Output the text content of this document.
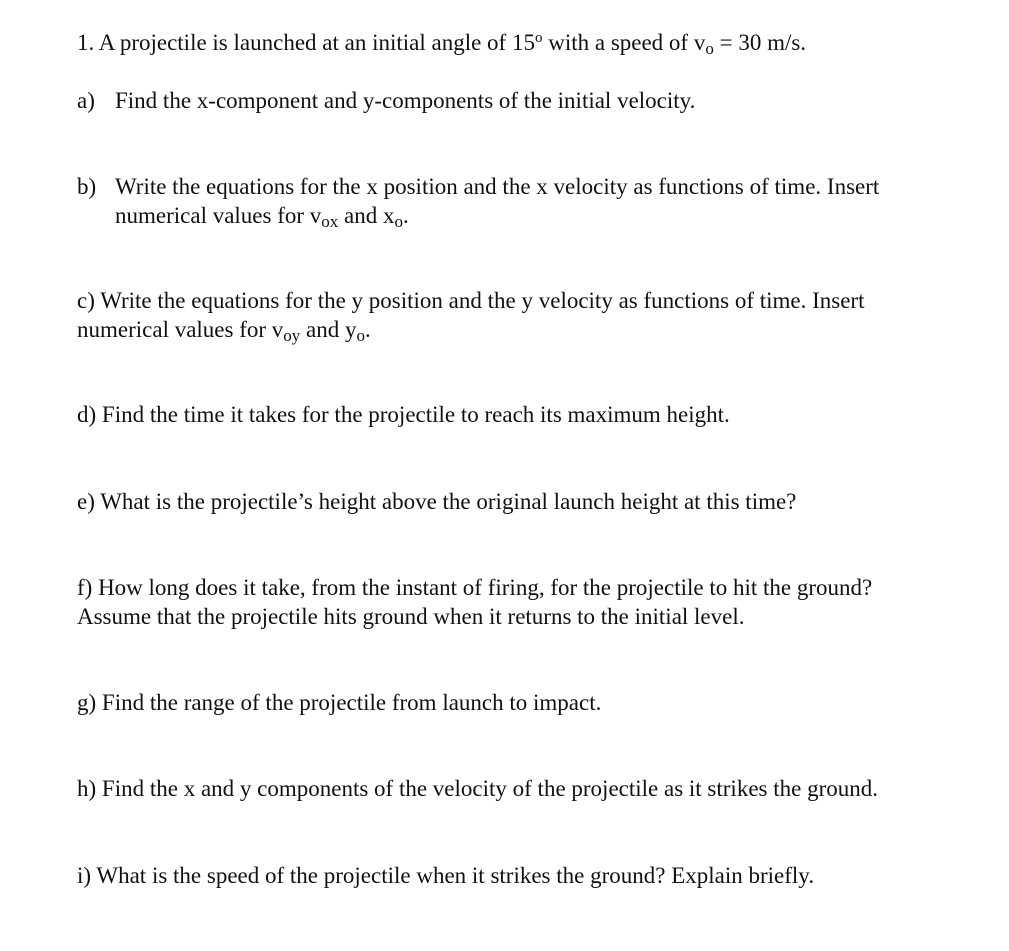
1. A projectile is launched at an initial angle of 15$^o$ with a speed of vo = 30 m/s.
a) Find the x-component and y-components of the initial velocity.
b) Write the equations for the x position and the x velocity as functions of time. Insert
numerical values for vox and xo.
c) Write the equations for the y position and the y velocity as functions of time. Insert
numerical values for voy and yo.
d) Find the time it takes for the projectile to reach its maximum height.
e) What is the projectile’s height above the original launch height at this time?
f) How long does it take, from the instant of firing, for the projectile to hit the ground?
Assume that the projectile hits ground when it returns to the initial level.
g) Find the range of the projectile from launch to impact.
h) Find the x and y components of the velocity of the projectile as it strikes the ground.
i) What is the speed of the projectile when it strikes the ground? Explain briefly.
